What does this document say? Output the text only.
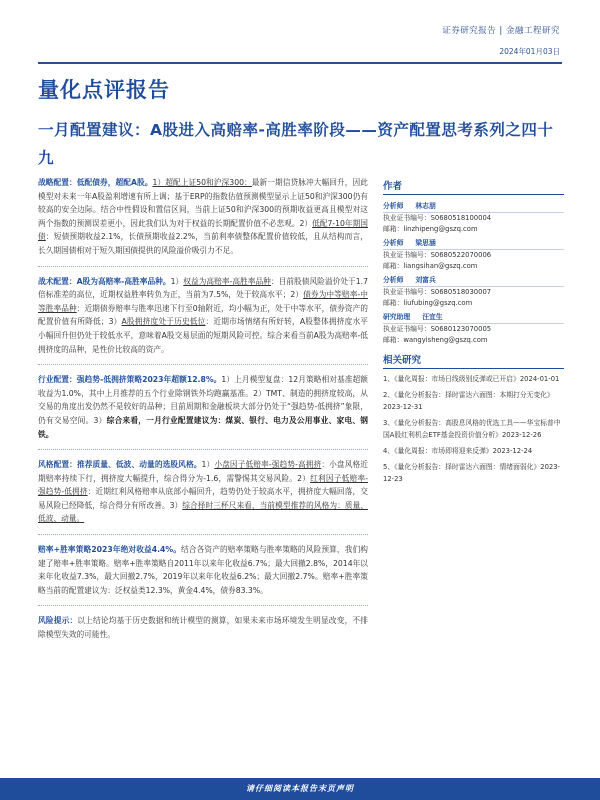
证券研究报告 | 金融工程研究
2024年01月03日
量化点评报告
一月配置建议：A股进入高赔率-高胜率阶段——资产配置思考系列之四十九
战略配置：低配债券，超配A股。1）超配上证50和沪深300：最新一期信贷脉冲大幅回升，因此模型对未来一年A股盈利增速有所上调；基于ERP的指数估值预测模型显示上证50和沪深300仍有较高的安全边际。结合中性假设和置信区间，当前上证50和沪深300的预期收益更高且模型对这两个指数的预测误差更小，因此我们认为对于权益的长期配置价值不必悲观。2）低配7-10年期国债：短债预期收益2.1%，长债预期收益2.2%，当前利率债整体配置价值较低，且从结构而言，长久期国债相对于短久期国债提供的风险溢价吸引力不足。
战术配置：A股为高赔率-高胜率品种。1）权益为高赔率-高胜率品种：目前股债风险溢价处于1.7倍标准差的高位，近期权益胜率转负为正，当前为7.5%，处于较高水平；2）债券为中等赔率-中等胜率品种：近期债券赔率与胜率迅速下行至0轴附近，均小幅为正，处于中等水平，债券资产的配置价值有所降低；3）A股拥挤度处于历史低位：近期市场情绪有所好转，A股整体拥挤度水平小幅回升但仍处于较低水平，意味着A股交易层面的短期风险可控。综合来看当前A股为高赔率-低拥挤度的品种，是性价比较高的资产。
行业配置：强趋势-低拥挤策略2023年超额12.8%。1）上月模型复盘：12月策略相对基准超额收益为1.0%，其中上月推荐的五个行业除钢铁外均跑赢基准。2）TMT、制造的拥挤度较高，从交易的角度出发仍然不是较好的品种；目前周期和金融板块大部分仍处于“强趋势-低拥挤”象限，仍有交易空间。3）综合来看，一月行业配置建议为：煤炭、银行、电力及公用事业、家电、钢铁。
风格配置：推荐质量、低波、动量的选股风格。1）小盘因子低赔率-强趋势-高拥挤：小盘风格近期赔率持续下行，拥挤度大幅提升，综合得分为-1.6，需警惕其交易风险。2）红利因子低赔率-强趋势-低拥挤：近期红利风格赔率从底部小幅回升，趋势仍处于较高水平，拥挤度大幅回落，交易风险已经降低，综合得分有所改善。3）综合择时三杯尺来看，当前模型推荐的风格为：质量、低波、动量。
赔率+胜率策略2023年绝对收益4.4%。结合各资产的赔率策略与胜率策略的风险预算，我们构建了赔率+胜率策略。赔率+胜率策略自2011年以来年化收益6.7%；最大回撤2.8%，2014年以来年化收益7.3%，最大回撤2.7%，2019年以来年化收益6.2%；最大回撤2.7%。赔率+胜率策略当前的配置建议为：泛权益类12.3%，黄金4.4%，债券83.3%。
风险提示：以上结论均基于历史数据和统计模型的测算，如果未来市场环境发生明显改变，不排除模型失效的可能性。
作者
分析师 林志朋
执业证书编号：S0680518100004
邮箱：linzhipeng@gszq.com
分析师 梁思涵
执业证书编号：S0680522070006
邮箱：liangsihan@gszq.com
分析师 刘富兵
执业证书编号：S0680518030007
邮箱：liufubing@gszq.com
研究助理 汪宜生
执业证书编号：S0680123070005
邮箱：wangyisheng@gszq.com
相关研究
1、《量化周报：市场日线级别反弹或已开启》2024-01-01
2、《量化分析报告：择时雷达六面图：本期打分无变化》2023-12-31
3、《量化分析报告：高股息风格的优选工具——华宝标普中国A股红利机会ETF基金投资价值分析》2023-12-26
4、《量化周报：市场即将迎来反弹》2023-12-24
5、《量化分析报告：择时雷达六面图：情绪面弱化》2023-12-23
请仔细阅读本报告末页声明
